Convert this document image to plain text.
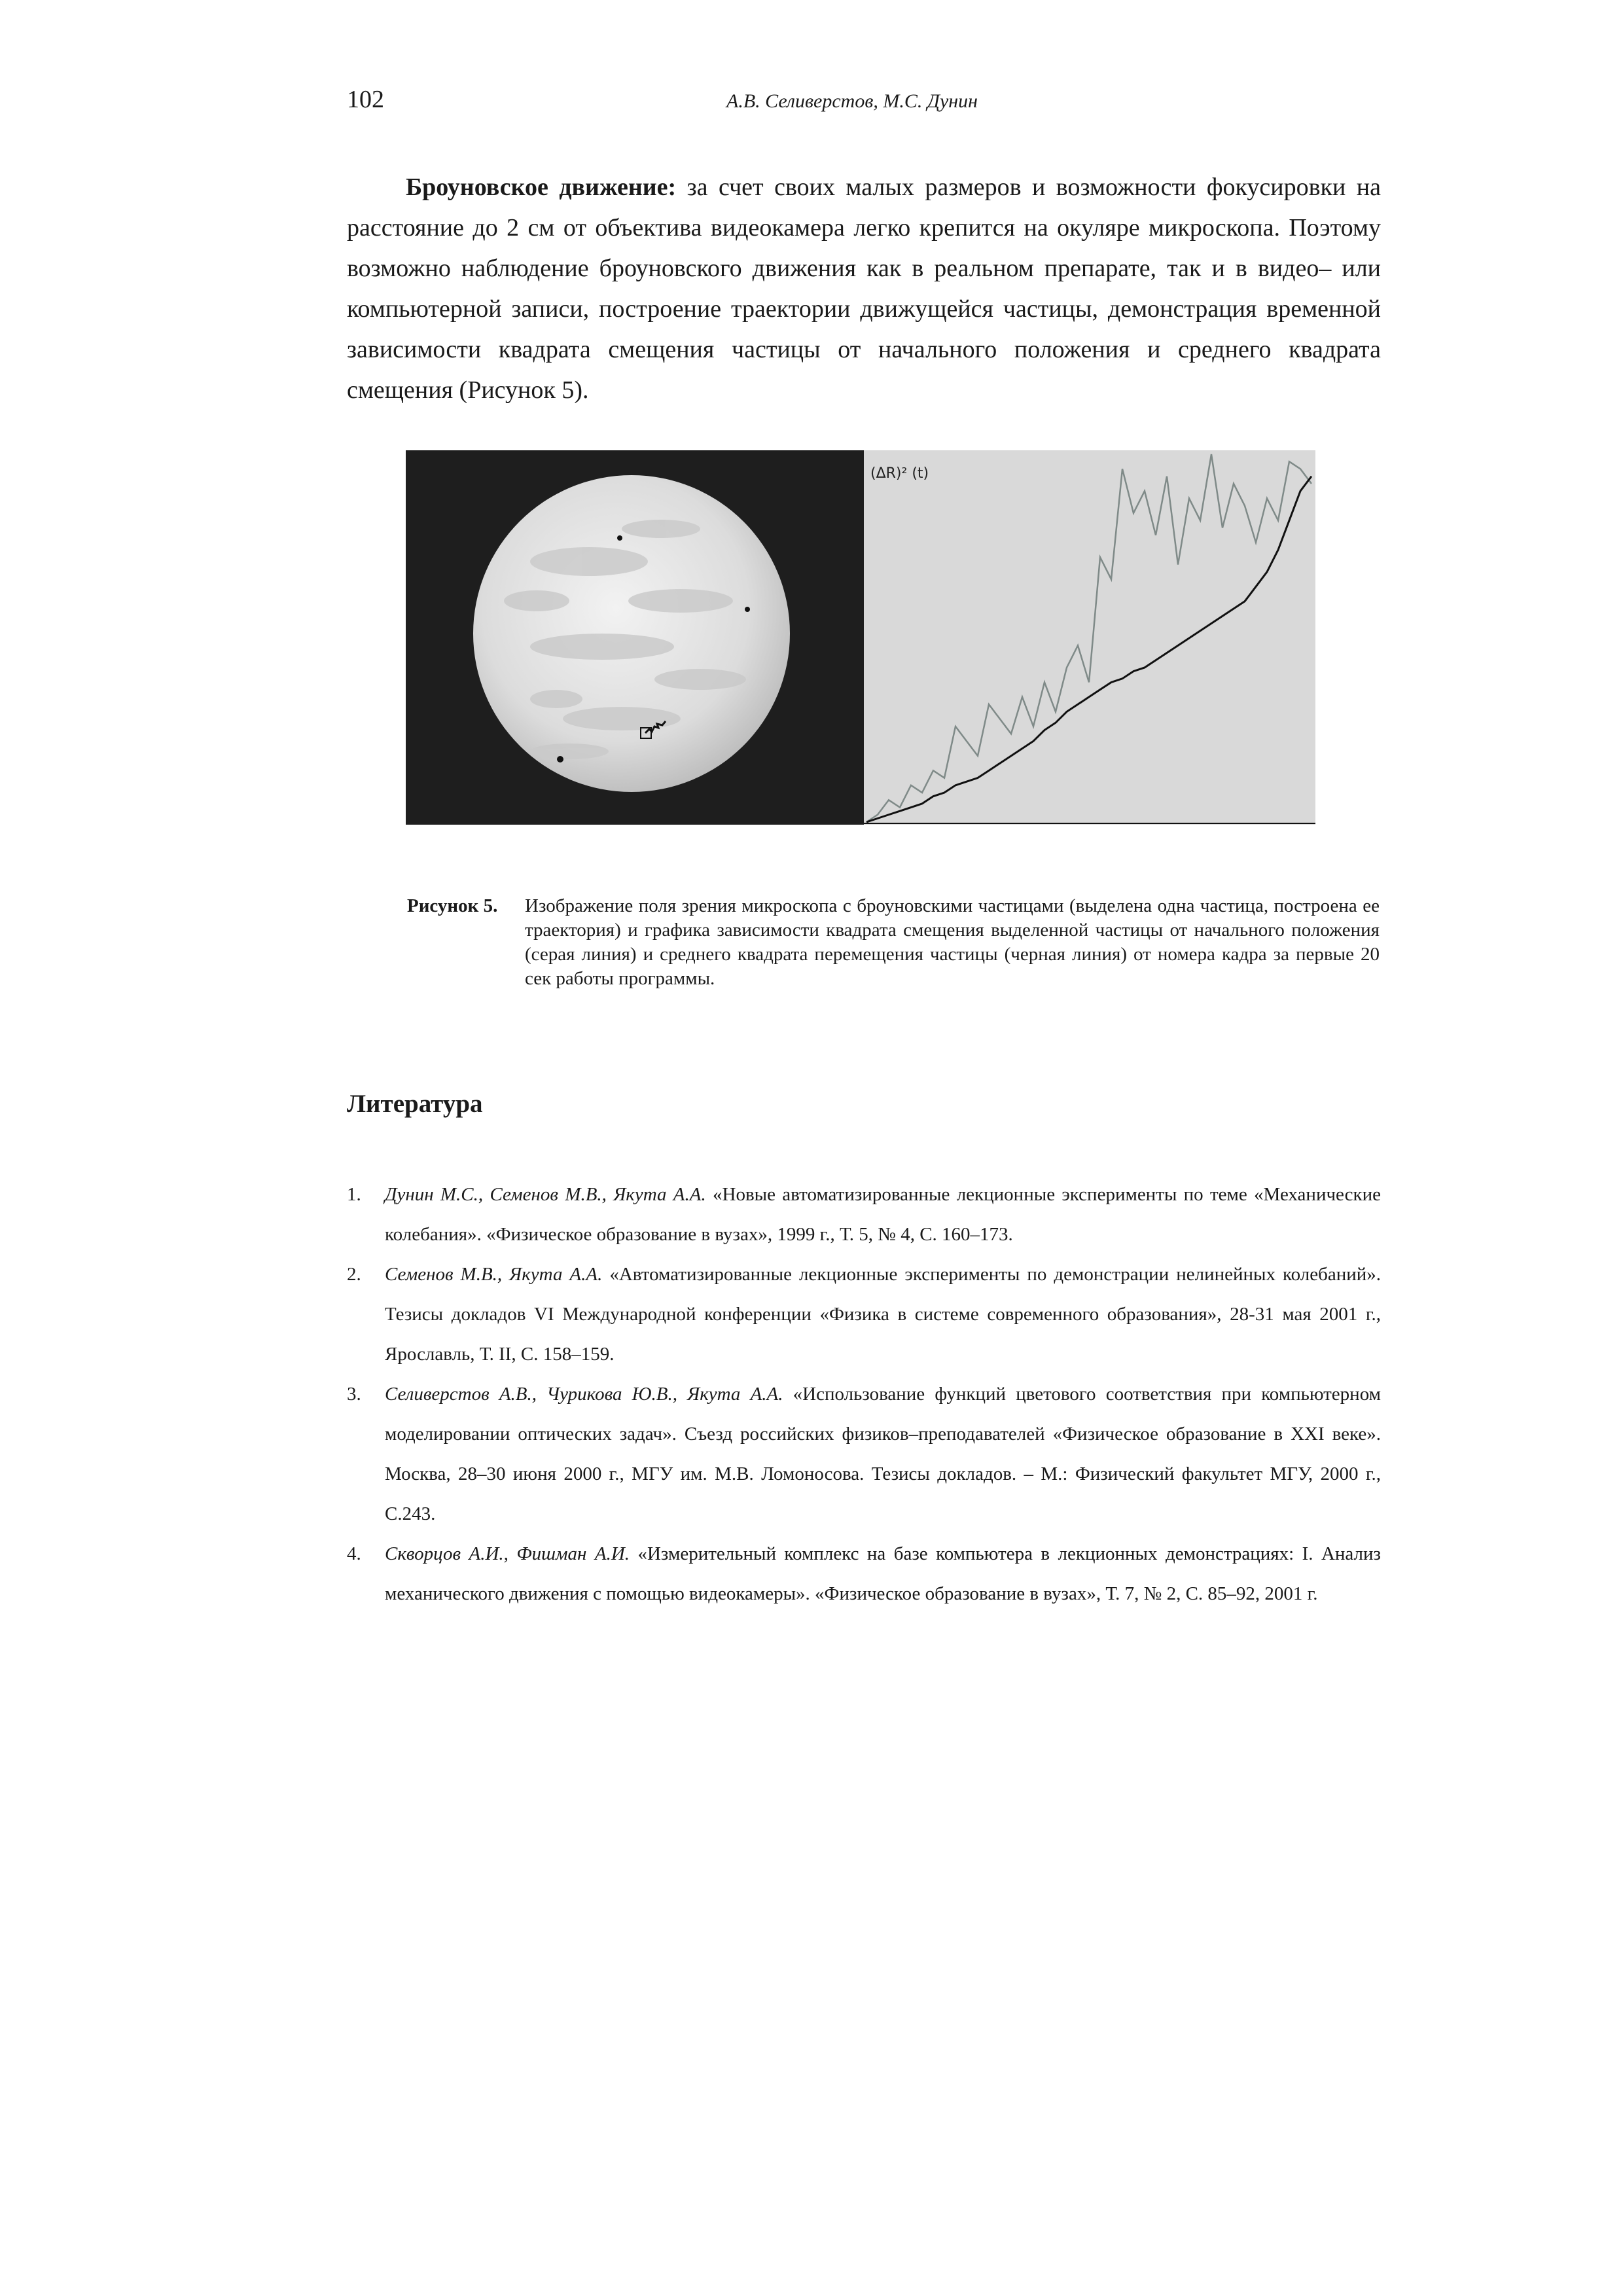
102	А.В. Селиверстов, М.С. Дунин
Броуновское движение: за счет своих малых размеров и возможности фокусировки на расстояние до 2 см от объектива видеокамера легко крепится на окуляре микроскопа. Поэтому возможно наблюдение броуновского движения как в реальном препарате, так и в видео– или компьютерной записи, построение траектории движущейся частицы, демонстрация временной зависимости квадрата смещения частицы от начального положения и среднего квадрата смещения (Рисунок 5).
(ΔR)² (t)
Рисунок 5. Изображение поля зрения микроскопа с броуновскими частицами (выделена одна частица, построена ее траектория) и графика зависимости квадрата смещения выделенной частицы от начального положения (серая линия) и среднего квадрата перемещения частицы (черная линия) от номера кадра за первые 20 сек работы программы.
Литература
1. Дунин М.С., Семенов М.В., Якута А.А. «Новые автоматизированные лекционные эксперименты по теме «Механические колебания». «Физическое образование в вузах», 1999 г., Т. 5, № 4, С. 160–173.
2. Семенов М.В., Якута А.А. «Автоматизированные лекционные эксперименты по демонстрации нелинейных колебаний». Тезисы докладов VI Международной конференции «Физика в системе современного образования», 28-31 мая 2001 г., Ярославль, Т. II, С. 158–159.
3. Селиверстов А.В., Чурикова Ю.В., Якута А.А. «Использование функций цветового соответствия при компьютерном моделировании оптических задач». Съезд российских физиков–преподавателей «Физическое образование в XXI веке». Москва, 28–30 июня 2000 г., МГУ им. М.В. Ломоносова. Тезисы докладов. – М.: Физический факультет МГУ, 2000 г., С.243.
4. Скворцов А.И., Фишман А.И. «Измерительный комплекс на базе компьютера в лекционных демонстрациях: I. Анализ механического движения с помощью видеокамеры». «Физическое образование в вузах», Т. 7, № 2, С. 85–92, 2001 г.
